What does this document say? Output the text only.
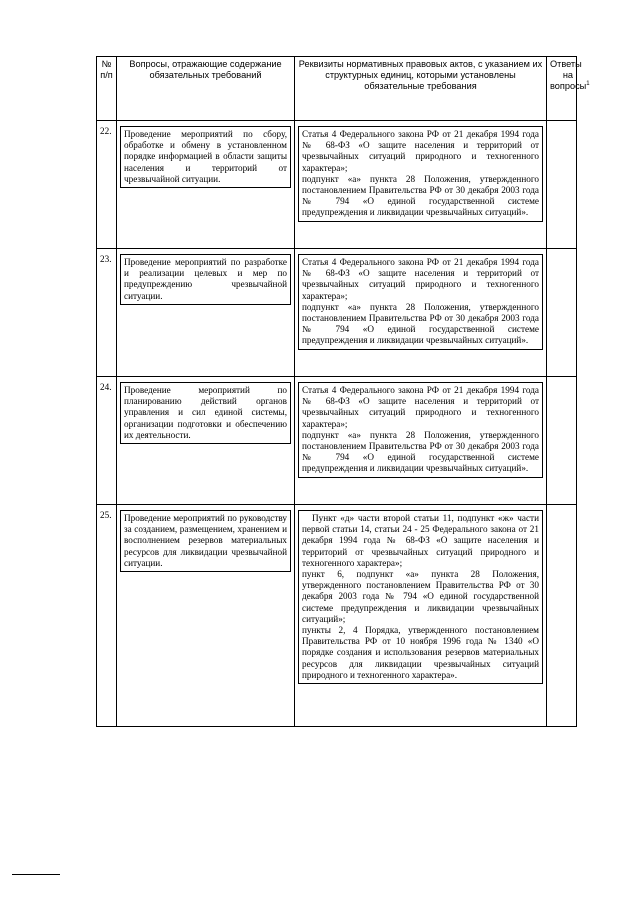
№ п/п	Вопросы, отражающие содержание обязательных требований	Реквизиты нормативных правовых актов, с указанием их структурных единиц, которыми установлены обязательные требования	Ответы на вопросы$^1$

22.	Проведение мероприятий по сбору, обработке и обмену в установленном порядке информацией в области защиты населения и территорий от чрезвычайной ситуации.	Статья 4 Федерального закона РФ от 21 декабря 1994 года № 68-ФЗ «О защите населения и территорий от чрезвычайных ситуаций природного и техногенного характера»;

подпункт «а» пункта 28 Положения, утвержденного постановлением Правительства РФ от 30 декабря 2003 года № 794 «О единой государственной системе предупреждения и ликвидации чрезвычайных ситуаций».	

23.	Проведение мероприятий по разработке и реализации целевых и мер по предупреждению чрезвычайной ситуации.	Статья 4 Федерального закона РФ от 21 декабря 1994 года № 68-ФЗ «О защите населения и территорий от чрезвычайных ситуаций природного и техногенного характера»;

подпункт «а» пункта 28 Положения, утвержденного постановлением Правительства РФ от 30 декабря 2003 года № 794 «О единой государственной системе предупреждения и ликвидации чрезвычайных ситуаций».	

24.	Проведение мероприятий по планированию действий органов управления и сил единой системы, организации подготовки и обеспечению их деятельности.	Статья 4 Федерального закона РФ от 21 декабря 1994 года № 68-ФЗ «О защите населения и территорий от чрезвычайных ситуаций природного и техногенного характера»;

подпункт «а» пункта 28 Положения, утвержденного постановлением Правительства РФ от 30 декабря 2003 года № 794 «О единой государственной системе предупреждения и ликвидации чрезвычайных ситуаций».	

25.	Проведение мероприятий по руководству за созданием, размещением, хранением и восполнением резервов материальных ресурсов для ликвидации чрезвычайной ситуации.	Пункт «д» части второй статьи 11, подпункт «ж» части первой статьи 14, статьи 24 - 25 Федерального закона от 21 декабря 1994 года № 68-ФЗ «О защите населения и территорий от чрезвычайных ситуаций природного и техногенного характера»;

пункт 6, подпункт «а» пункта 28 Положения, утвержденного постановлением Правительства РФ от 30 декабря 2003 года № 794 «О единой государственной системе предупреждения и ликвидации чрезвычайных ситуаций»;

пункты 2, 4 Порядка, утвержденного постановлением Правительства РФ от 10 ноября 1996 года № 1340 «О порядке создания и использования резервов материальных ресурсов для ликвидации чрезвычайных ситуаций природного и техногенного характера».	
